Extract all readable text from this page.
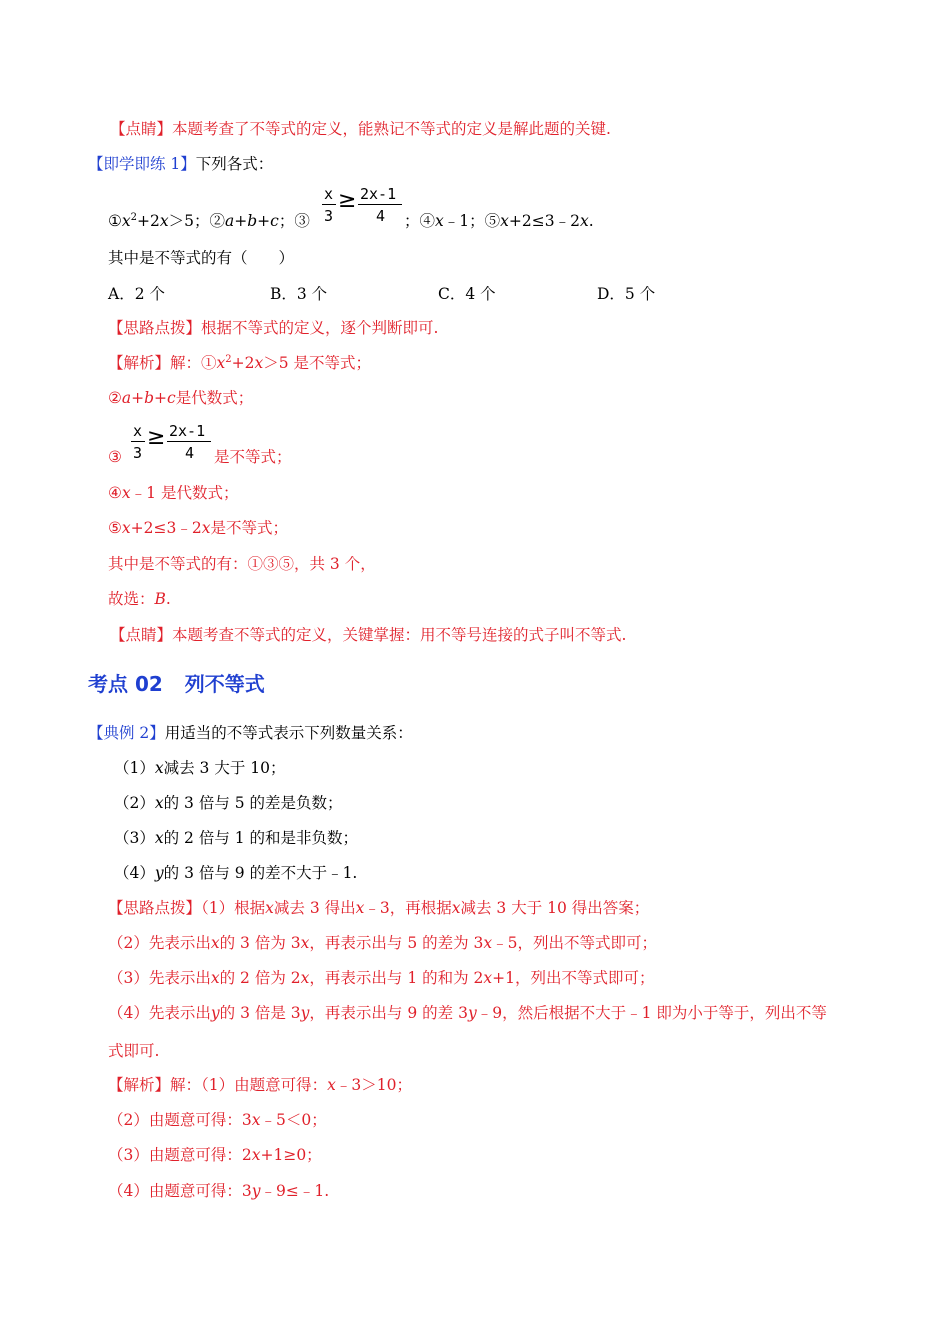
【点睛】本题考查了不等式的定义，能熟记不等式的定义是解此题的关键.
【即学即练 1】下列各式：
$①x^2+2x>5$；②a+b+c；③
x
3
≥ 2x-1
4 ；④x﹣1；⑤x+2≤3﹣2x.
其中是不等式的有（　　）
A．2 个	B．3 个	C．4 个	D．5 个
【思路点拨】根据不等式的定义，逐个判断即可.
【解析】解：$①x^2+2x>5$ 是不等式；
②a+b+c是代数式；
③
x
3
≥ 2x-1
4 是不等式；
④x﹣1 是代数式；
⑤x+2≤3﹣2x是不等式；
其中是不等式的有：①③⑤，共 3 个，
故选：B.
【点睛】本题考查不等式的定义，关键掌握：用不等号连接的式子叫不等式.
考点 02 列不等式
【典例 2】用适当的不等式表示下列数量关系：
（1）x减去 3 大于 10；
（2）x的 3 倍与 5 的差是负数；
（3）x的 2 倍与 1 的和是非负数；
（4）y的 3 倍与 9 的差不大于﹣1.
【思路点拨】（1）根据x减去 3 得出x﹣3，再根据x减去 3 大于 10 得出答案；
（2）先表示出x的 3 倍为 3x，再表示出与 5 的差为 3x﹣5，列出不等式即可；
（3）先表示出x的 2 倍为 2x，再表示出与 1 的和为 2x+1，列出不等式即可；
（4）先表示出y的 3 倍是 3y，再表示出与 9 的差 3y﹣9，然后根据不大于﹣1 即为小于等于，列出不等
式即可.
【解析】解：（1）由题意可得：x﹣3＞10；
（2）由题意可得：3x﹣5＜0；
（3）由题意可得：2x+1≥0；
（4）由题意可得：3y﹣9≤﹣1.
